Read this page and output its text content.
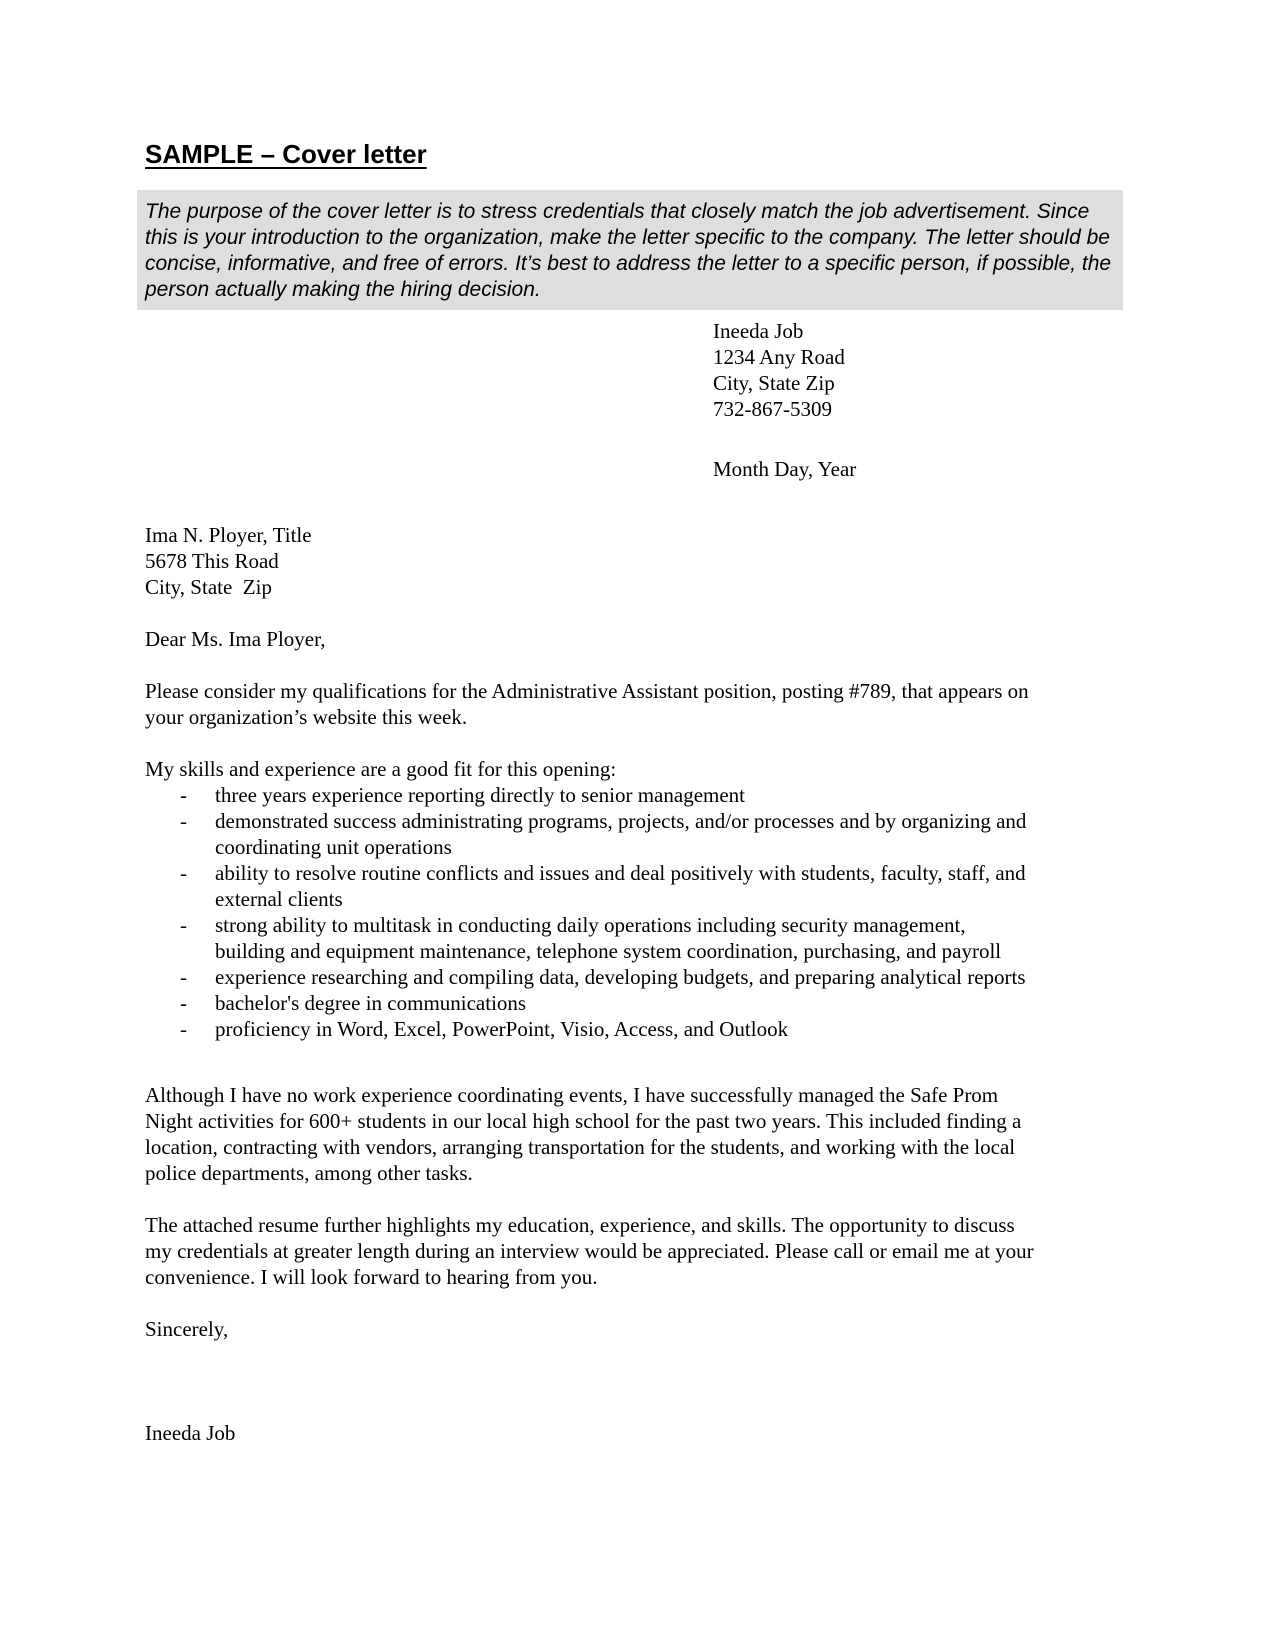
SAMPLE – Cover letter
The purpose of the cover letter is to stress credentials that closely match the job advertisement. Since
this is your introduction to the organization, make the letter specific to the company. The letter should be
concise, informative, and free of errors. It’s best to address the letter to a specific person, if possible, the
person actually making the hiring decision.
Ineeda Job
1234 Any Road
City, State Zip
732-867-5309
Month Day, Year
Ima N. Ployer, Title
5678 This Road
City, State  Zip
Dear Ms. Ima Ployer,
Please consider my qualifications for the Administrative Assistant position, posting #789, that appears on
your organization’s website this week.
My skills and experience are a good fit for this opening:
-	three years experience reporting directly to senior management
-	demonstrated success administrating programs, projects, and/or processes and by organizing and
coordinating unit operations
-	ability to resolve routine conflicts and issues and deal positively with students, faculty, staff, and
external clients
-	strong ability to multitask in conducting daily operations including security management,
building and equipment maintenance, telephone system coordination, purchasing, and payroll
-	experience researching and compiling data, developing budgets, and preparing analytical reports
-	bachelor's degree in communications
-	proficiency in Word, Excel, PowerPoint, Visio, Access, and Outlook
Although I have no work experience coordinating events, I have successfully managed the Safe Prom
Night activities for 600+ students in our local high school for the past two years. This included finding a
location, contracting with vendors, arranging transportation for the students, and working with the local
police departments, among other tasks.
The attached resume further highlights my education, experience, and skills. The opportunity to discuss
my credentials at greater length during an interview would be appreciated. Please call or email me at your
convenience. I will look forward to hearing from you.
Sincerely,
Ineeda Job
